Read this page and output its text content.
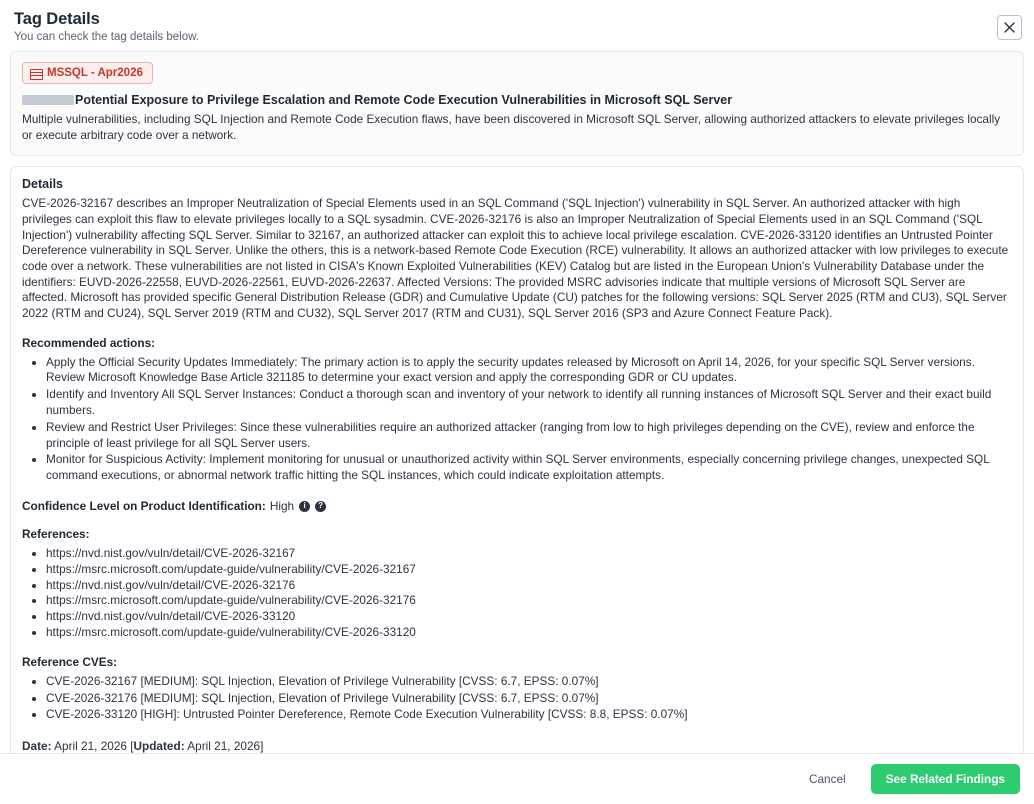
Tag Details

You can check the tag details below.

MSSQL - Apr2026
Potential Exposure to Privilege Escalation and Remote Code Execution Vulnerabilities in Microsoft SQL Server

Multiple vulnerabilities, including SQL Injection and Remote Code Execution flaws, have been discovered in Microsoft SQL Server, allowing authorized attackers to elevate privileges locally or execute arbitrary code over a network.

Details

CVE-2026-32167 describes an Improper Neutralization of Special Elements used in an SQL Command ('SQL Injection') vulnerability in SQL Server. An authorized attacker with high privileges can exploit this flaw to elevate privileges locally to a SQL sysadmin. CVE-2026-32176 is also an Improper Neutralization of Special Elements used in an SQL Command ('SQL Injection') vulnerability affecting SQL Server. Similar to 32167, an authorized attacker can exploit this to achieve local privilege escalation. CVE-2026-33120 identifies an Untrusted Pointer Dereference vulnerability in SQL Server. Unlike the others, this is a network-based Remote Code Execution (RCE) vulnerability. It allows an authorized attacker with low privileges to execute code over a network. These vulnerabilities are not listed in CISA's Known Exploited Vulnerabilities (KEV) Catalog but are listed in the European Union's Vulnerability Database under the identifiers: EUVD-2026-22558, EUVD-2026-22561, EUVD-2026-22637. Affected Versions: The provided MSRC advisories indicate that multiple versions of Microsoft SQL Server are affected. Microsoft has provided specific General Distribution Release (GDR) and Cumulative Update (CU) patches for the following versions: SQL Server 2025 (RTM and CU3), SQL Server 2022 (RTM and CU24), SQL Server 2019 (RTM and CU32), SQL Server 2017 (RTM and CU31), SQL Server 2016 (SP3 and Azure Connect Feature Pack).

Recommended actions:
• Apply the Official Security Updates Immediately: The primary action is to apply the security updates released by Microsoft on April 14, 2026, for your specific SQL Server versions. Review Microsoft Knowledge Base Article 321185 to determine your exact version and apply the corresponding GDR or CU updates.
• Identify and Inventory All SQL Server Instances: Conduct a thorough scan and inventory of your network to identify all running instances of Microsoft SQL Server and their exact build numbers.
• Review and Restrict User Privileges: Since these vulnerabilities require an authorized attacker (ranging from low to high privileges depending on the CVE), review and enforce the principle of least privilege for all SQL Server users.
• Monitor for Suspicious Activity: Implement monitoring for unusual or unauthorized activity within SQL Server environments, especially concerning privilege changes, unexpected SQL command executions, or abnormal network traffic hitting the SQL instances, which could indicate exploitation attempts.
Confidence Level on Product Identification: High	i	?
References:
• https://nvd.nist.gov/vuln/detail/CVE-2026-32167
• https://msrc.microsoft.com/update-guide/vulnerability/CVE-2026-32167
• https://nvd.nist.gov/vuln/detail/CVE-2026-32176
• https://msrc.microsoft.com/update-guide/vulnerability/CVE-2026-32176
• https://nvd.nist.gov/vuln/detail/CVE-2026-33120
• https://msrc.microsoft.com/update-guide/vulnerability/CVE-2026-33120
Reference CVEs:
• CVE-2026-32167 [MEDIUM]: SQL Injection, Elevation of Privilege Vulnerability [CVSS: 6.7, EPSS: 0.07%]
• CVE-2026-32176 [MEDIUM]: SQL Injection, Elevation of Privilege Vulnerability [CVSS: 6.7, EPSS: 0.07%]
• CVE-2026-33120 [HIGH]: Untrusted Pointer Dereference, Remote Code Execution Vulnerability [CVSS: 8.8, EPSS: 0.07%]
Date: April 21, 2026 [Updated: April 21, 2026]
Cancel	See Related Findings
